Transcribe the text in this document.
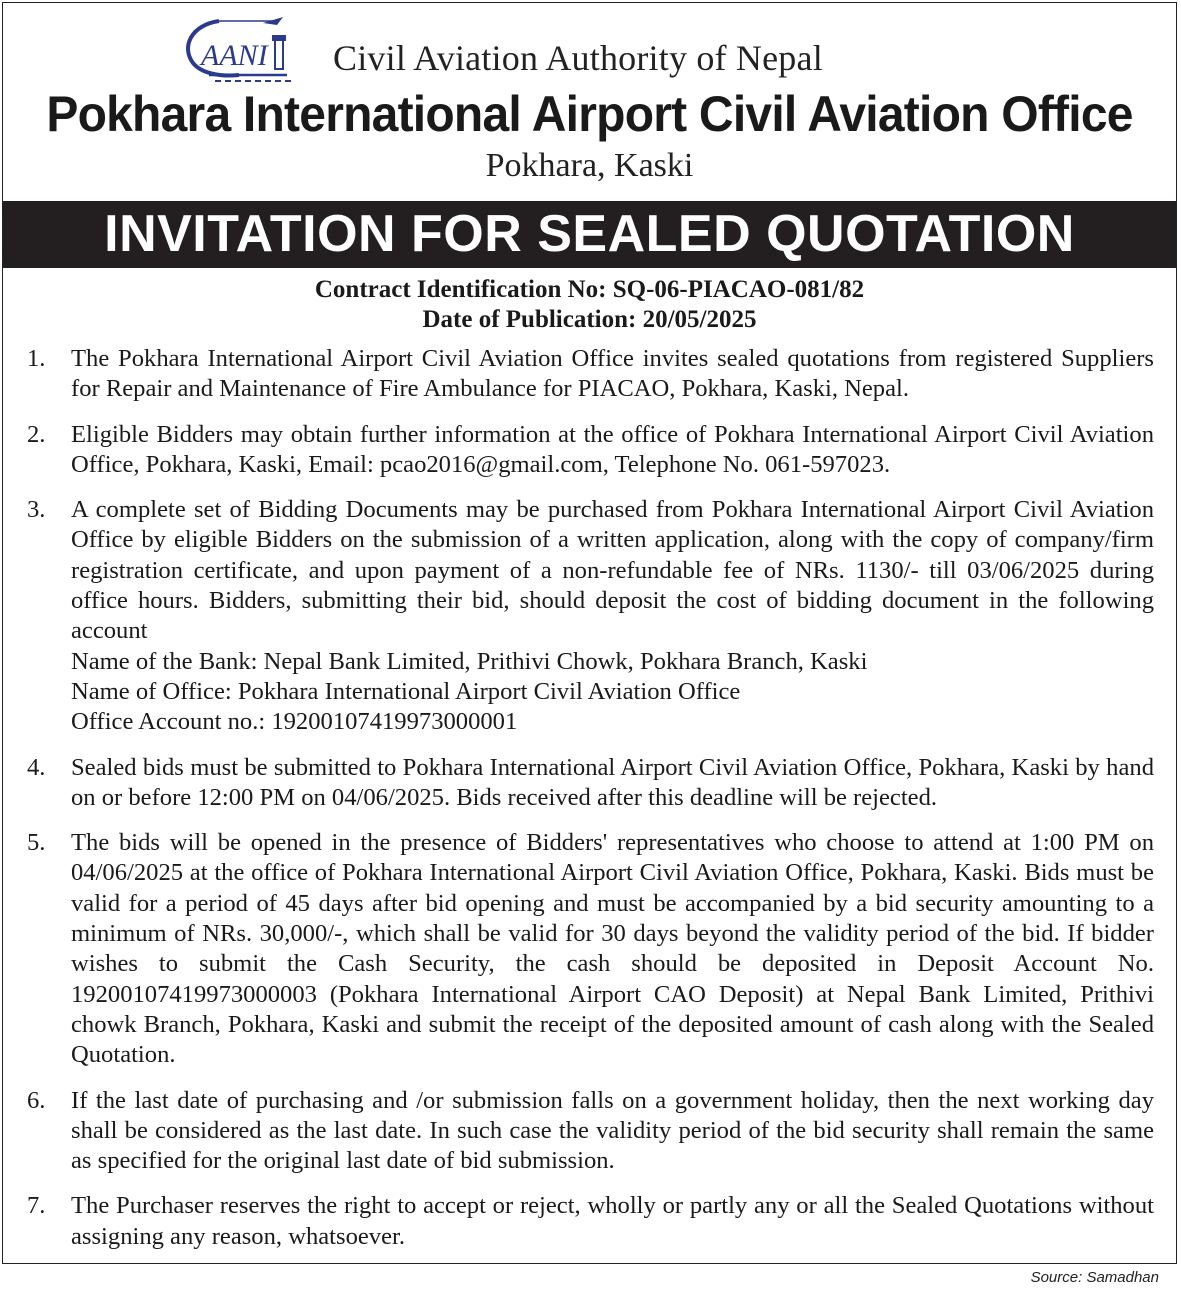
AANI Civil Aviation Authority of Nepal
Pokhara International Airport Civil Aviation Office
Pokhara, Kaski
INVITATION FOR SEALED QUOTATION
Contract Identification No: SQ-06-PIACAO-081/82
Date of Publication: 20/05/2025
1. The Pokhara International Airport Civil Aviation Office invites sealed quotations from registered Suppliers for Repair and Maintenance of Fire Ambulance for PIACAO, Pokhara, Kaski, Nepal.
2. Eligible Bidders may obtain further information at the office of Pokhara International Airport Civil Aviation Office, Pokhara, Kaski, Email: pcao2016@gmail.com, Telephone No. 061-597023.
3. A complete set of Bidding Documents may be purchased from Pokhara International Airport Civil Aviation Office by eligible Bidders on the submission of a written application, along with the copy of company/firm registration certificate, and upon payment of a non-refundable fee of NRs. 1130/- till 03/06/2025 during office hours. Bidders, submitting their bid, should deposit the cost of bidding document in the following account
Name of the Bank: Nepal Bank Limited, Prithivi Chowk, Pokhara Branch, Kaski
Name of Office: Pokhara International Airport Civil Aviation Office
Office Account no.: 19200107419973000001
4. Sealed bids must be submitted to Pokhara International Airport Civil Aviation Office, Pokhara, Kaski by hand on or before 12:00 PM on 04/06/2025. Bids received after this deadline will be rejected.
5. The bids will be opened in the presence of Bidders' representatives who choose to attend at 1:00 PM on 04/06/2025 at the office of Pokhara International Airport Civil Aviation Office, Pokhara, Kaski. Bids must be valid for a period of 45 days after bid opening and must be accompanied by a bid security amounting to a minimum of NRs. 30,000/-, which shall be valid for 30 days beyond the validity period of the bid. If bidder wishes to submit the Cash Security, the cash should be deposited in Deposit Account No. 19200107419973000003 (Pokhara International Airport CAO Deposit) at Nepal Bank Limited, Prithivi chowk Branch, Pokhara, Kaski and submit the receipt of the deposited amount of cash along with the Sealed Quotation.
6. If the last date of purchasing and /or submission falls on a government holiday, then the next working day shall be considered as the last date. In such case the validity period of the bid security shall remain the same as specified for the original last date of bid submission.
7. The Purchaser reserves the right to accept or reject, wholly or partly any or all the Sealed Quotations without assigning any reason, whatsoever.
Source: Samadhan
